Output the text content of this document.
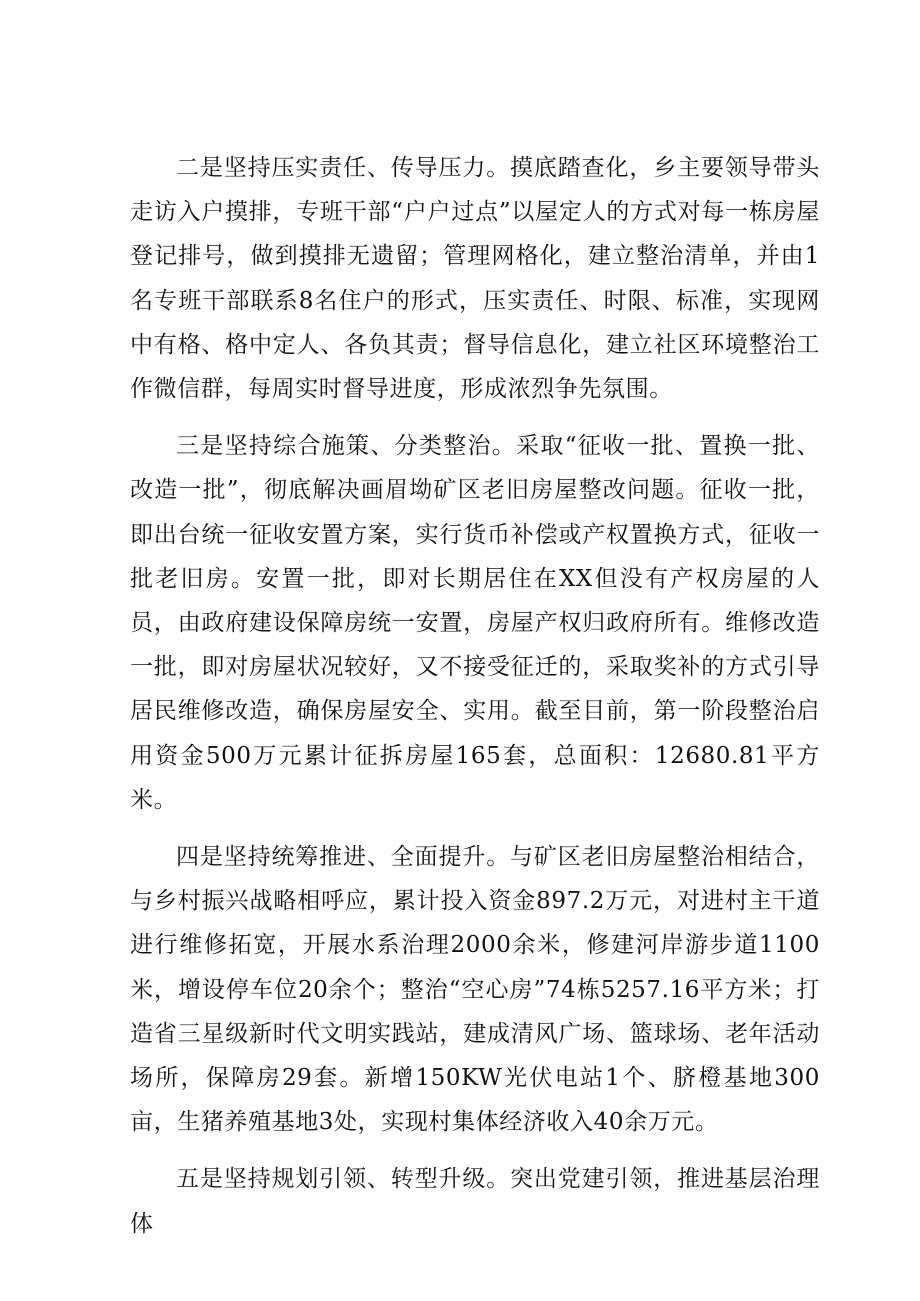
二是坚持压实责任、传导压力。摸底踏查化，乡主要领导带头走访入户摸排，专班干部“户户过点”以屋定人的方式对每一栋房屋登记排号，做到摸排无遗留；管理网格化，建立整治清单，并由1名专班干部联系8名住户的形式，压实责任、时限、标准，实现网中有格、格中定人、各负其责；督导信息化，建立社区环境整治工作微信群，每周实时督导进度，形成浓烈争先氛围。

三是坚持综合施策、分类整治。采取“征收一批、置换一批、改造一批”，彻底解决画眉坳矿区老旧房屋整改问题。征收一批，即出台统一征收安置方案，实行货币补偿或产权置换方式，征收一批老旧房。安置一批，即对长期居住在XX但没有产权房屋的人员，由政府建设保障房统一安置，房屋产权归政府所有。维修改造一批，即对房屋状况较好，又不接受征迁的，采取奖补的方式引导居民维修改造，确保房屋安全、实用。截至目前，第一阶段整治启用资金500万元累计征拆房屋165套，总面积：12680.81平方米。

四是坚持统筹推进、全面提升。与矿区老旧房屋整治相结合，与乡村振兴战略相呼应，累计投入资金897.2万元，对进村主干道进行维修拓宽，开展水系治理2000余米，修建河岸游步道1100米，增设停车位20余个；整治“空心房”74栋5257.16平方米；打造省三星级新时代文明实践站，建成清风广场、篮球场、老年活动场所，保障房29套。新增150KW光伏电站1个、脐橙基地300亩，生猪养殖基地3处，实现村集体经济收入40余万元。

五是坚持规划引领、转型升级。突出党建引领，推进基层治理体
